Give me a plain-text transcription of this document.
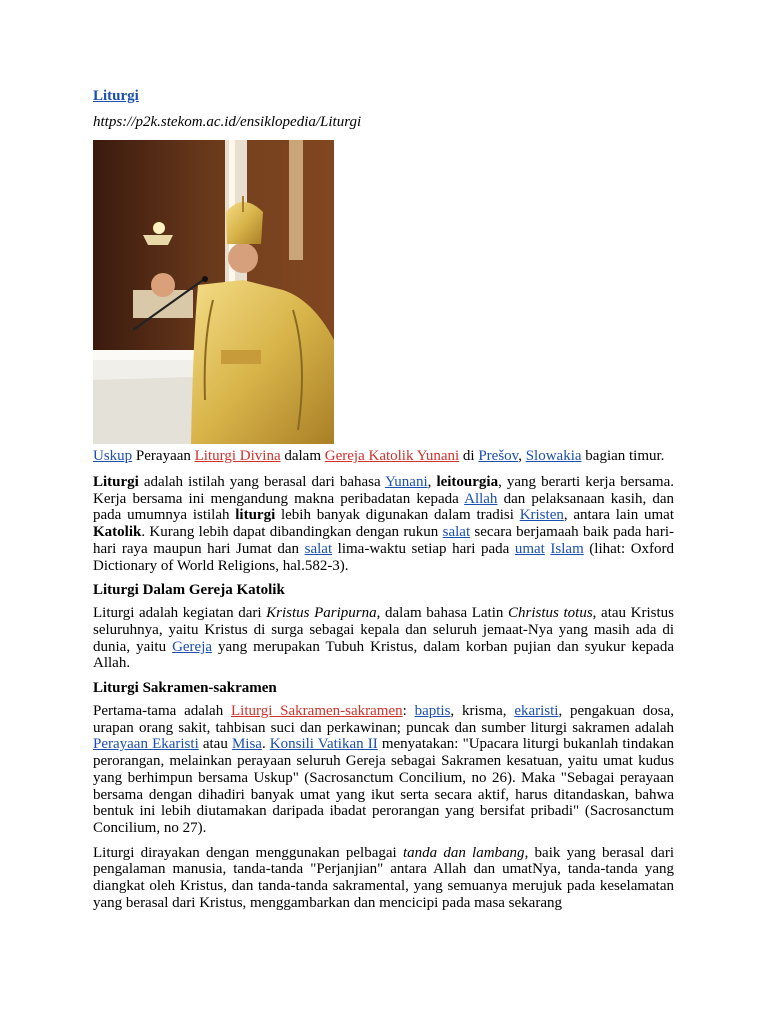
Liturgi
https://p2k.stekom.ac.id/ensiklopedia/Liturgi

Uskup Perayaan Liturgi Divina dalam Gereja Katolik Yunani di Prešov, Slowakia bagian timur.

Liturgi adalah istilah yang berasal dari bahasa Yunani, leitourgia, yang berarti kerja bersama. Kerja bersama ini mengandung makna peribadatan kepada Allah dan pelaksanaan kasih, dan pada umumnya istilah liturgi lebih banyak digunakan dalam tradisi Kristen, antara lain umat Katolik. Kurang lebih dapat dibandingkan dengan rukun salat secara berjamaah baik pada hari-hari raya maupun hari Jumat dan salat lima-waktu setiap hari pada umat Islam (lihat: Oxford Dictionary of World Religions, hal.582-3).

Liturgi Dalam Gereja Katolik

Liturgi adalah kegiatan dari Kristus Paripurna, dalam bahasa Latin Christus totus, atau Kristus seluruhnya, yaitu Kristus di surga sebagai kepala dan seluruh jemaat-Nya yang masih ada di dunia, yaitu Gereja yang merupakan Tubuh Kristus, dalam korban pujian dan syukur kepada Allah.

Liturgi Sakramen-sakramen

Pertama-tama adalah Liturgi Sakramen-sakramen: baptis, krisma, ekaristi, pengakuan dosa, urapan orang sakit, tahbisan suci dan perkawinan; puncak dan sumber liturgi sakramen adalah Perayaan Ekaristi atau Misa. Konsili Vatikan II menyatakan: "Upacara liturgi bukanlah tindakan perorangan, melainkan perayaan seluruh Gereja sebagai Sakramen kesatuan, yaitu umat kudus yang berhimpun bersama Uskup" (Sacrosanctum Concilium, no 26). Maka "Sebagai perayaan bersama dengan dihadiri banyak umat yang ikut serta secara aktif, harus ditandaskan, bahwa bentuk ini lebih diutamakan daripada ibadat perorangan yang bersifat pribadi" (Sacrosanctum Concilium, no 27).

Liturgi dirayakan dengan menggunakan pelbagai tanda dan lambang, baik yang berasal dari pengalaman manusia, tanda-tanda "Perjanjian" antara Allah dan umatNya, tanda-tanda yang diangkat oleh Kristus, dan tanda-tanda sakramental, yang semuanya merujuk pada keselamatan yang berasal dari Kristus, menggambarkan dan mencicipi pada masa sekarang
